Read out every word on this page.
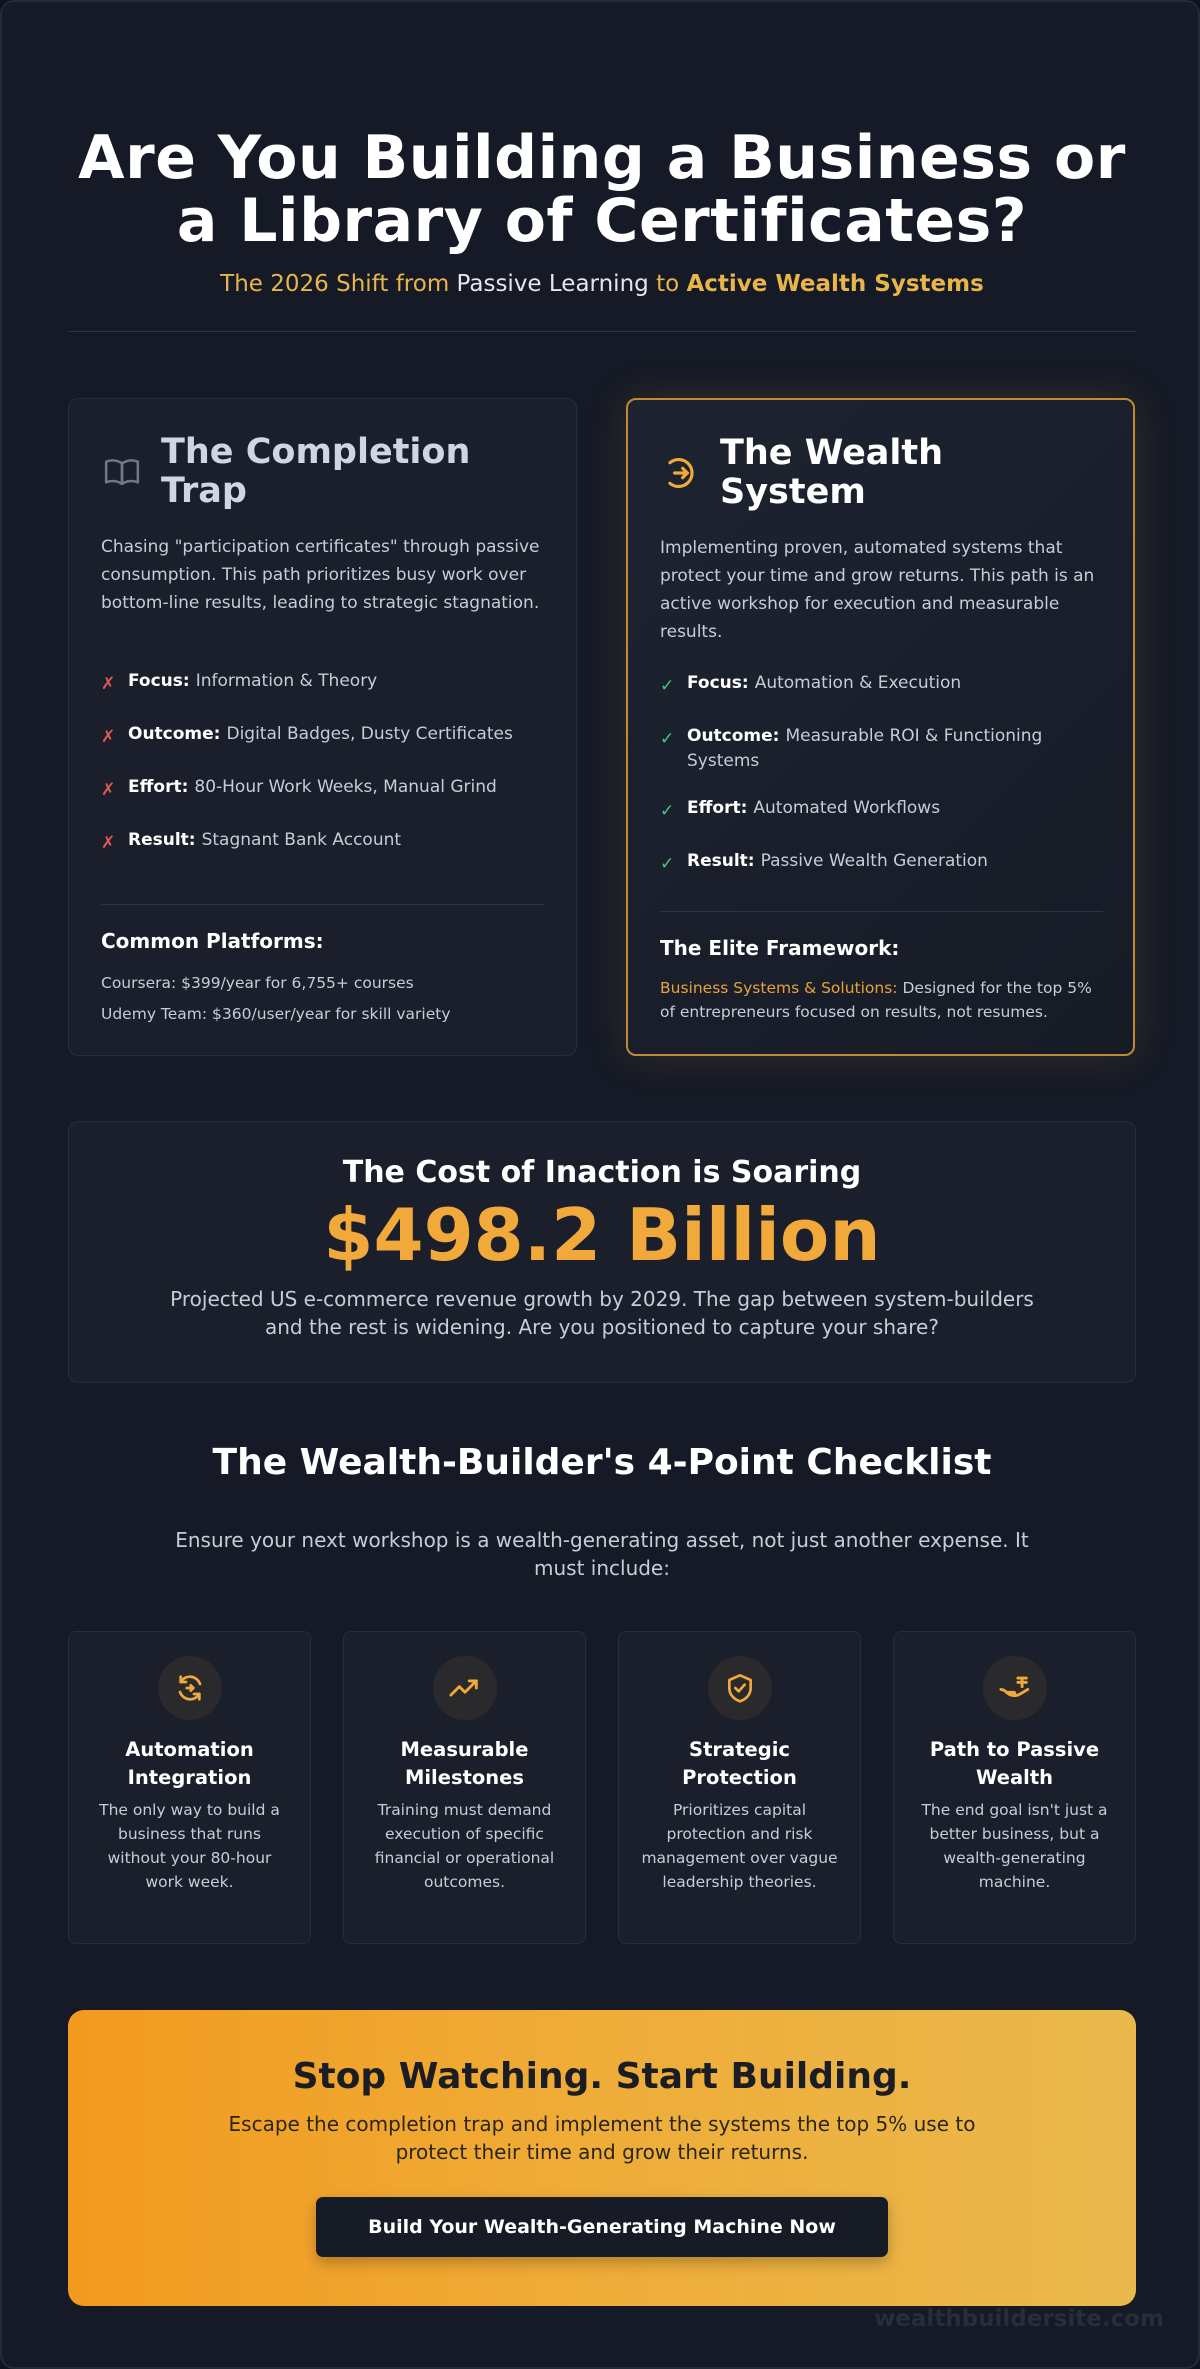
Are You Building a Business or a Library of Certificates?
The 2026 Shift from Passive Learning to Active Wealth Systems
The Completion Trap

Chasing "participation certificates" through passive consumption. This path prioritizes busy work over bottom-line results, leading to strategic stagnation.

✗ Focus: Information & Theory
✗ Outcome: Digital Badges, Dusty Certificates
✗ Effort: 80-Hour Work Weeks, Manual Grind
✗ Result: Stagnant Bank Account
Common Platforms:
Coursera: $399/year for 6,755+ courses
Udemy Team: $360/user/year for skill variety
The Wealth System

Implementing proven, automated systems that protect your time and grow returns. This path is an active workshop for execution and measurable results.

✓ Focus: Automation & Execution
✓ Outcome: Measurable ROI & Functioning Systems
✓ Effort: Automated Workflows
✓ Result: Passive Wealth Generation
The Elite Framework:
Business Systems & Solutions: Designed for the top 5% of entrepreneurs focused on results, not resumes.
The Cost of Inaction is Soaring
$498.2 Billion

Projected US e-commerce revenue growth by 2029. The gap between system-builders and the rest is widening. Are you positioned to capture your share?

The Wealth-Builder's 4-Point Checklist

Ensure your next workshop is a wealth-generating asset, not just another expense. It must include:

Automation Integration

The only way to build a business that runs without your 80-hour work week.

Measurable Milestones

Training must demand execution of specific financial or operational outcomes.

Strategic Protection

Prioritizes capital protection and risk management over vague leadership theories.

Path to Passive Wealth

The end goal isn't just a better business, but a wealth-generating machine.

Stop Watching. Start Building.

Escape the completion trap and implement the systems the top 5% use to protect their time and grow their returns.

Build Your Wealth-Generating Machine Now
wealthbuildersite.com
